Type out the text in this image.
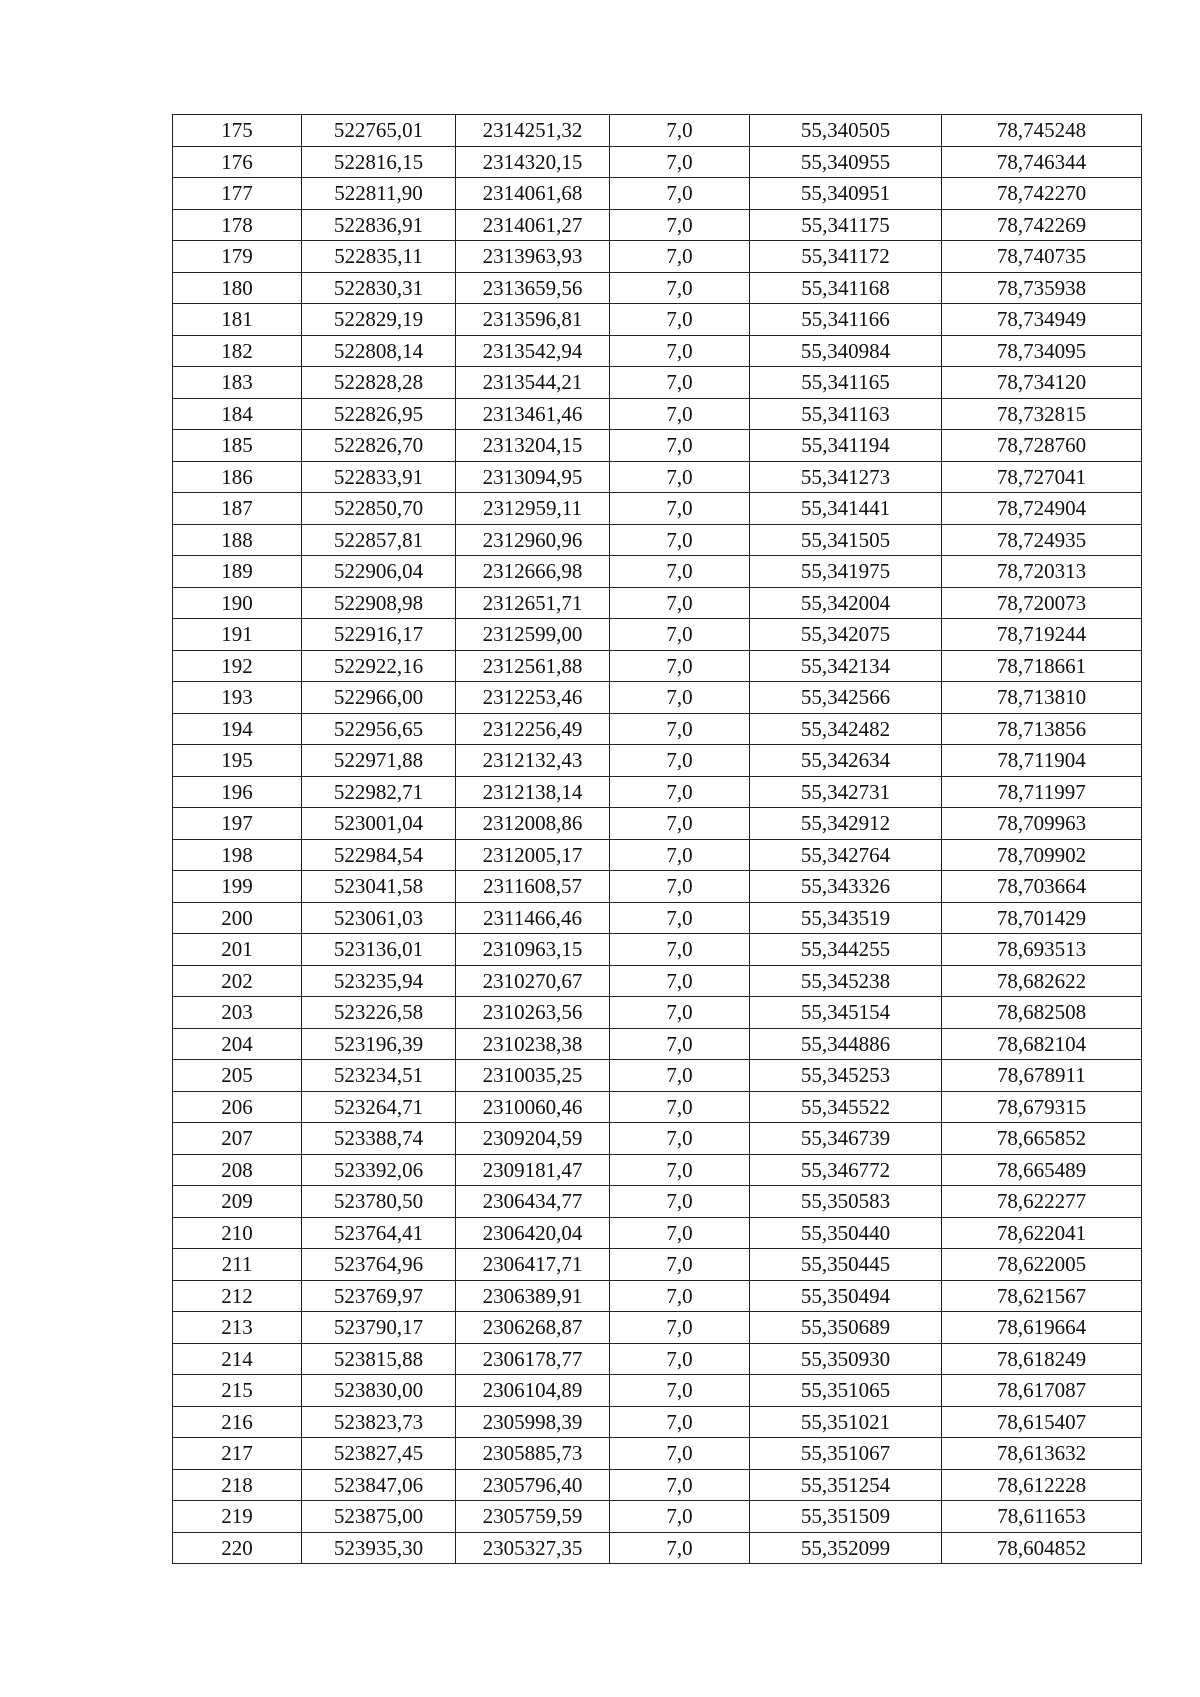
175	522765,01	2314251,32	7,0	55,340505	78,745248
176	522816,15	2314320,15	7,0	55,340955	78,746344
177	522811,90	2314061,68	7,0	55,340951	78,742270
178	522836,91	2314061,27	7,0	55,341175	78,742269
179	522835,11	2313963,93	7,0	55,341172	78,740735
180	522830,31	2313659,56	7,0	55,341168	78,735938
181	522829,19	2313596,81	7,0	55,341166	78,734949
182	522808,14	2313542,94	7,0	55,340984	78,734095
183	522828,28	2313544,21	7,0	55,341165	78,734120
184	522826,95	2313461,46	7,0	55,341163	78,732815
185	522826,70	2313204,15	7,0	55,341194	78,728760
186	522833,91	2313094,95	7,0	55,341273	78,727041
187	522850,70	2312959,11	7,0	55,341441	78,724904
188	522857,81	2312960,96	7,0	55,341505	78,724935
189	522906,04	2312666,98	7,0	55,341975	78,720313
190	522908,98	2312651,71	7,0	55,342004	78,720073
191	522916,17	2312599,00	7,0	55,342075	78,719244
192	522922,16	2312561,88	7,0	55,342134	78,718661
193	522966,00	2312253,46	7,0	55,342566	78,713810
194	522956,65	2312256,49	7,0	55,342482	78,713856
195	522971,88	2312132,43	7,0	55,342634	78,711904
196	522982,71	2312138,14	7,0	55,342731	78,711997
197	523001,04	2312008,86	7,0	55,342912	78,709963
198	522984,54	2312005,17	7,0	55,342764	78,709902
199	523041,58	2311608,57	7,0	55,343326	78,703664
200	523061,03	2311466,46	7,0	55,343519	78,701429
201	523136,01	2310963,15	7,0	55,344255	78,693513
202	523235,94	2310270,67	7,0	55,345238	78,682622
203	523226,58	2310263,56	7,0	55,345154	78,682508
204	523196,39	2310238,38	7,0	55,344886	78,682104
205	523234,51	2310035,25	7,0	55,345253	78,678911
206	523264,71	2310060,46	7,0	55,345522	78,679315
207	523388,74	2309204,59	7,0	55,346739	78,665852
208	523392,06	2309181,47	7,0	55,346772	78,665489
209	523780,50	2306434,77	7,0	55,350583	78,622277
210	523764,41	2306420,04	7,0	55,350440	78,622041
211	523764,96	2306417,71	7,0	55,350445	78,622005
212	523769,97	2306389,91	7,0	55,350494	78,621567
213	523790,17	2306268,87	7,0	55,350689	78,619664
214	523815,88	2306178,77	7,0	55,350930	78,618249
215	523830,00	2306104,89	7,0	55,351065	78,617087
216	523823,73	2305998,39	7,0	55,351021	78,615407
217	523827,45	2305885,73	7,0	55,351067	78,613632
218	523847,06	2305796,40	7,0	55,351254	78,612228
219	523875,00	2305759,59	7,0	55,351509	78,611653
220	523935,30	2305327,35	7,0	55,352099	78,604852
